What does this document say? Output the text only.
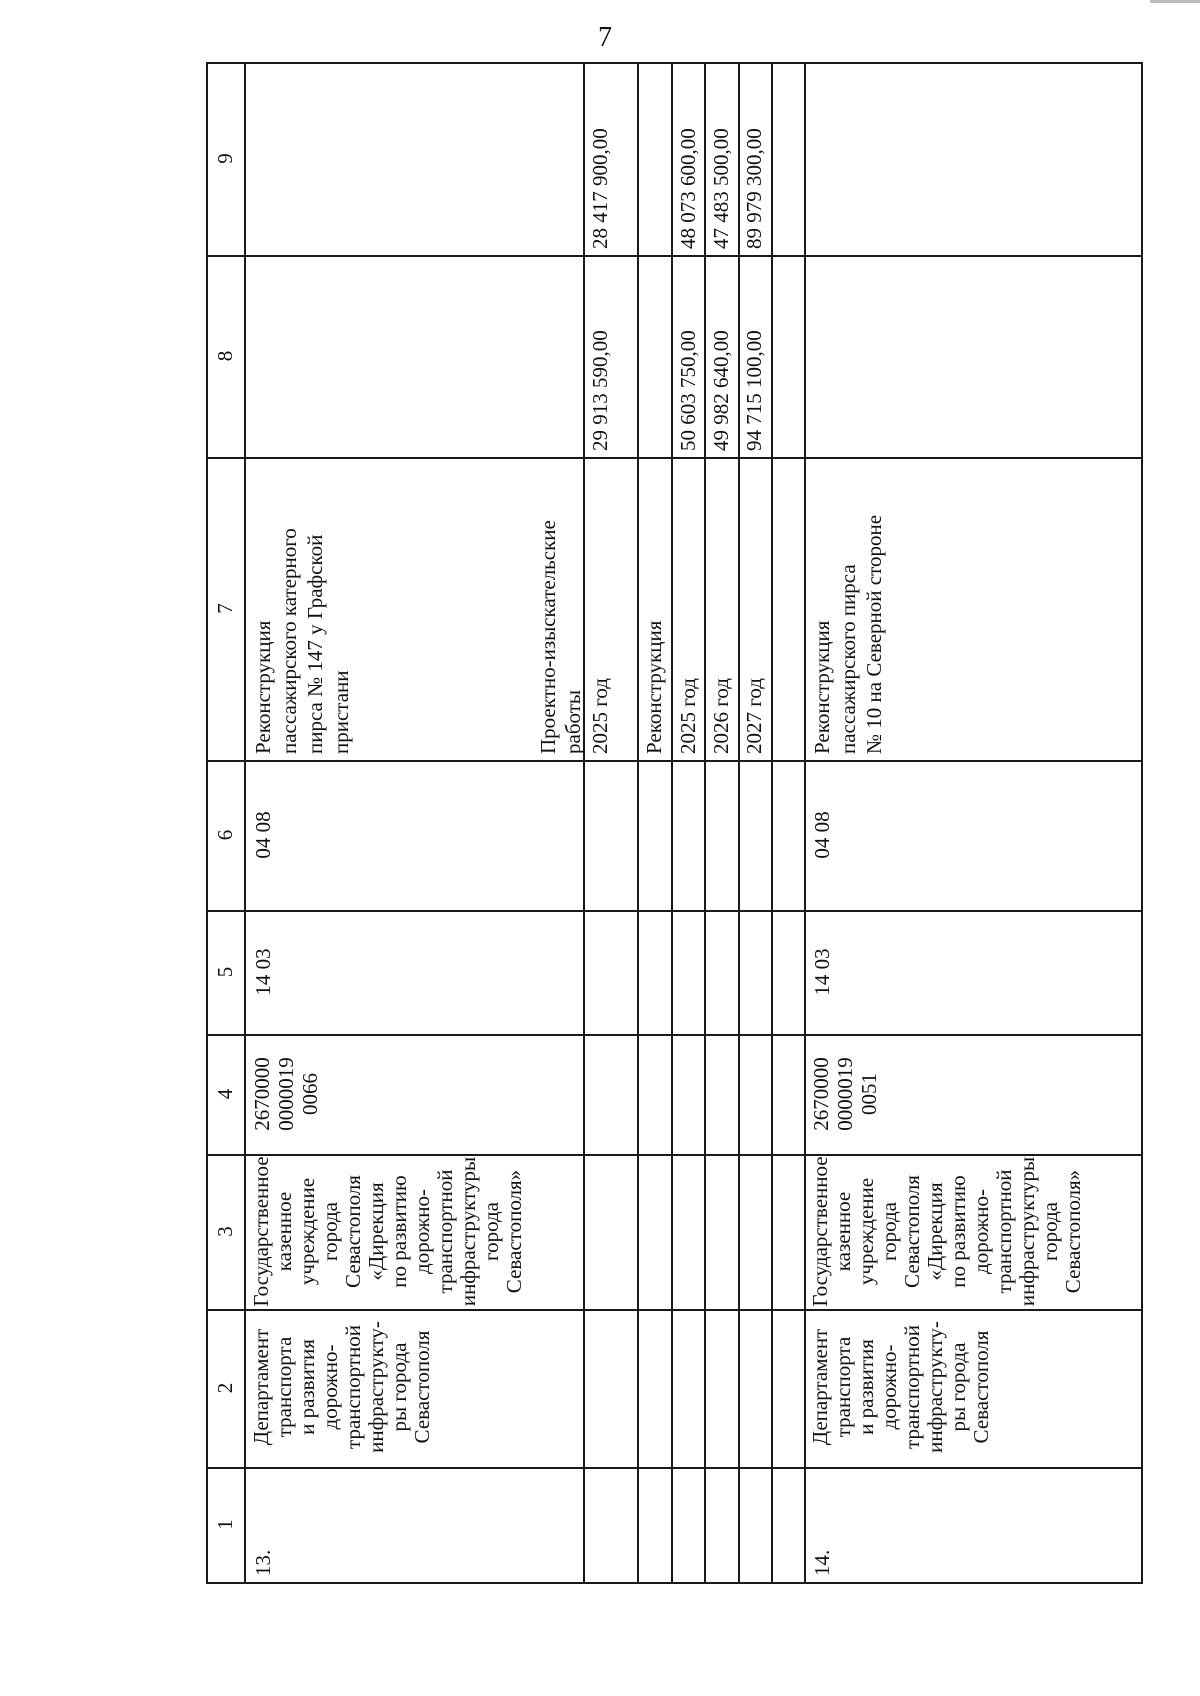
7
1
2
3
4
5
6
7
8
9
13.
Департамент транспорта и развития дорожно- транспортной инфраструкту- ры города Севастополя
Государственное казенное учреждение города Севастополя «Дирекция по развитию дорожно- транспортной инфраструктуры города Севастополя»
2670000 0000019 0066
14 03
04 08
Реконструкция пассажирского катерного пирса № 147 у Графской пристани
14.
Департамент транспорта и развития дорожно- транспортной инфраструкту- ры города Севастополя
Государственное казенное учреждение города Севастополя «Дирекция по развитию дорожно- транспортной инфраструктуры города Севастополя»
2670000 0000019 0051
14 03
04 08
Реконструкция пассажирского пирса № 10 на Северной стороне
Проектно-изыскательские работы 2025 год
29 913 590,00
28 417 900,00
Реконструкция 2025 год
50 603 750,00
48 073 600,00
2026 год
49 982 640,00
47 483 500,00
2027 год
94 715 100,00
89 979 300,00
